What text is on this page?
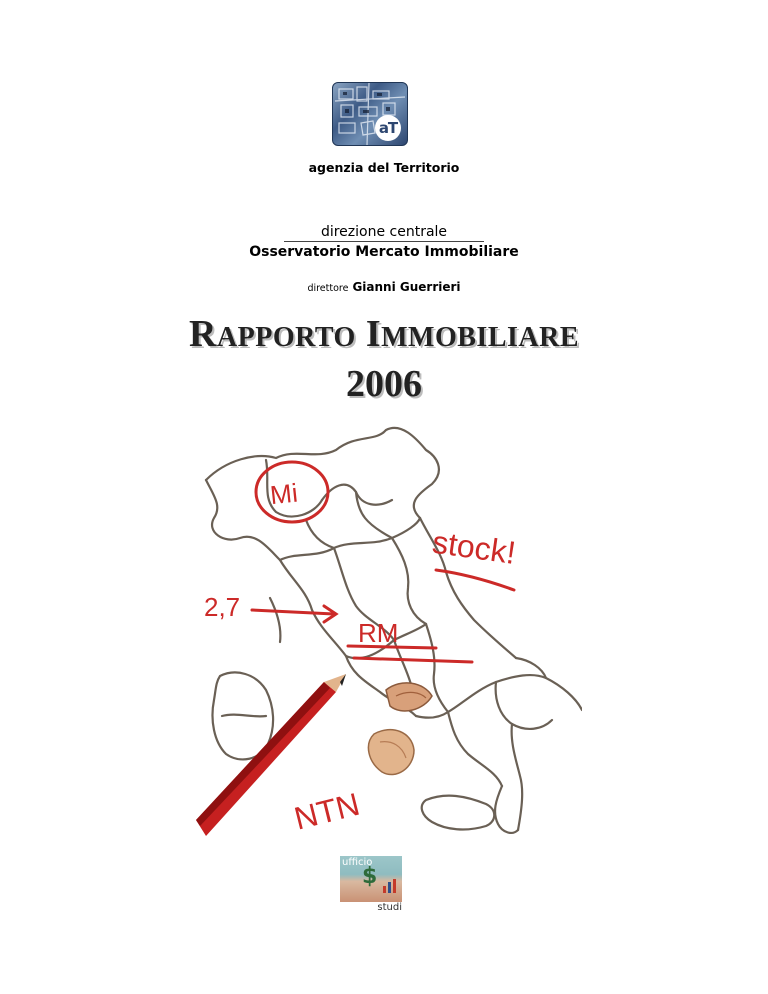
aT
agenzia del Territorio
direzione centrale
Osservatorio Mercato Immobiliare
direttore Gianni Guerrieri
RAPPORTO IMMOBILIARE
2006
Mi
stock!
2,7
RM
NTN
ufficio
$
studi
